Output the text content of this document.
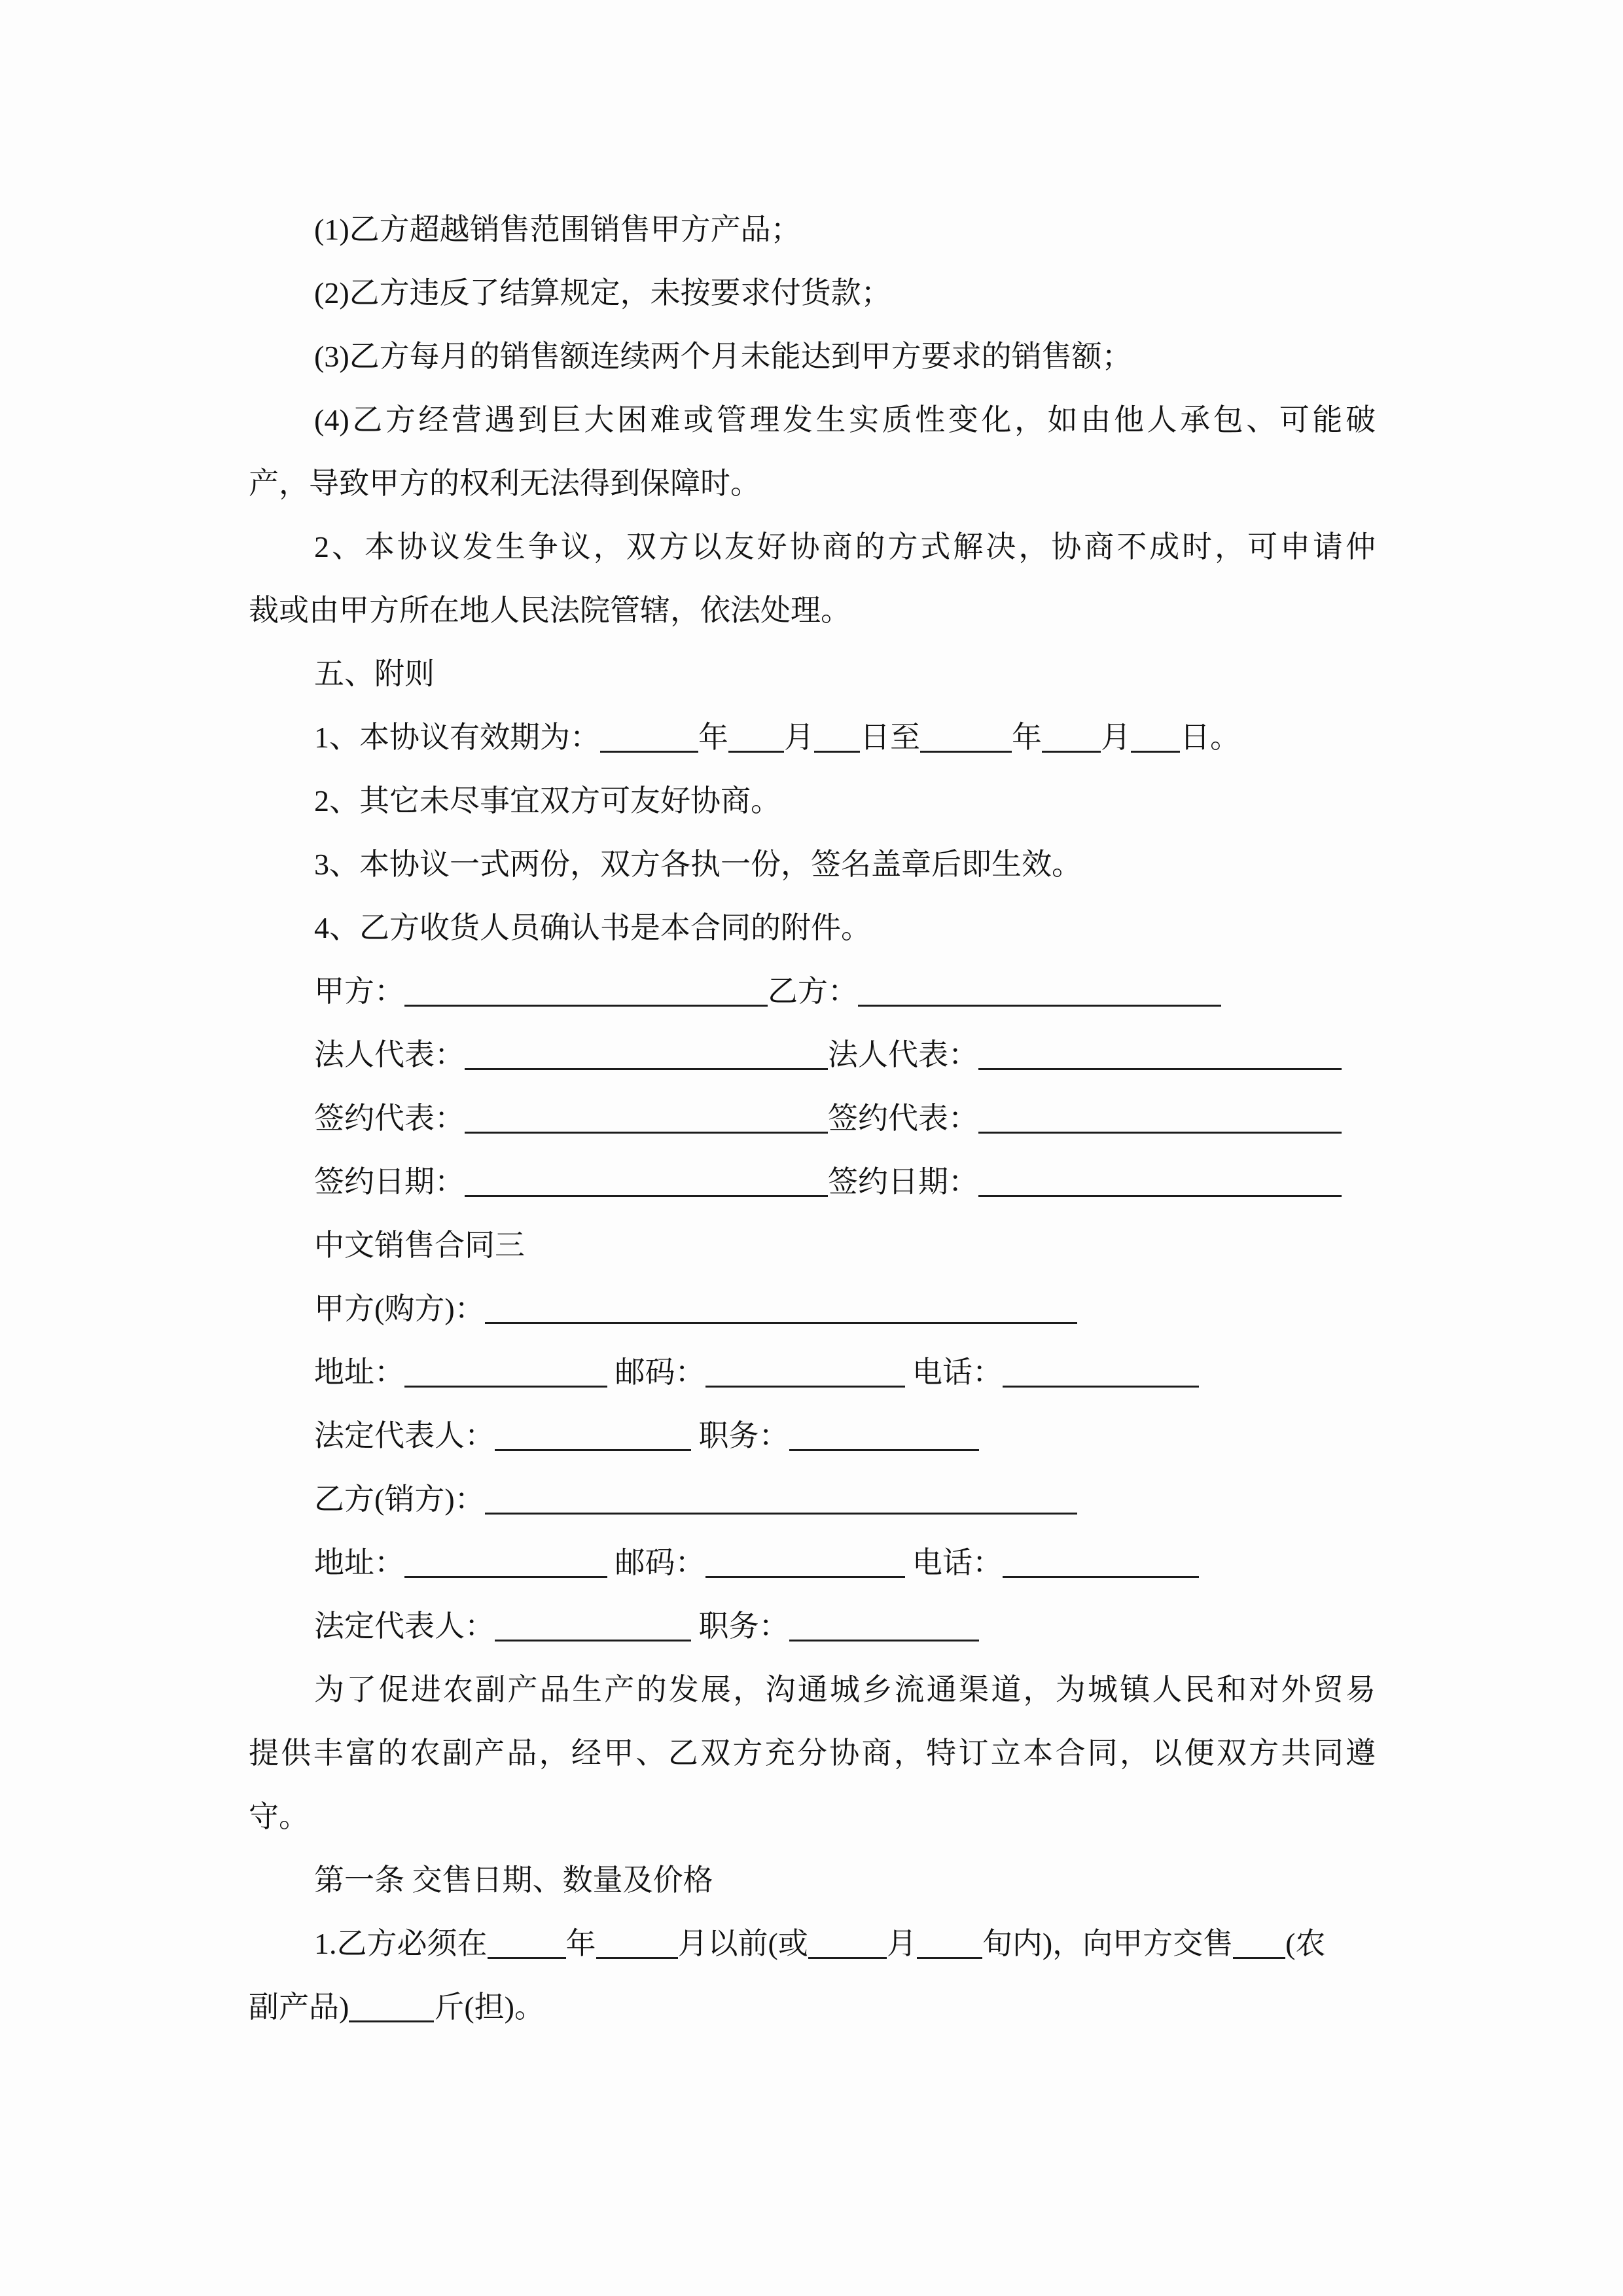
(1)乙方超越销售范围销售甲方产品；
(2)乙方违反了结算规定，未按要求付货款；
(3)乙方每月的销售额连续两个月未能达到甲方要求的销售额；
(4)乙方经营遇到巨大困难或管理发生实质性变化，如由他人承包、可能破
产，导致甲方的权利无法得到保障时。
2、本协议发生争议，双方以友好协商的方式解决，协商不成时，可申请仲
裁或由甲方所在地人民法院管辖，依法处理。
五、附则
1、本协议有效期为：	年 月 日至	年 月 日。
2、其它未尽事宜双方可友好协商。
3、本协议一式两份，双方各执一份，签名盖章后即生效。
4、乙方收货人员确认书是本合同的附件。
甲方：	乙方：
法人代表：	法人代表：
签约代表：	签约代表：
签约日期：	签约日期：
中文销售合同三
甲方(购方)：
地址：	邮码：	电话：
法定代表人：	职务：
乙方(销方)：
地址：	邮码：	电话：
法定代表人：	职务：
为了促进农副产品生产的发展，沟通城乡流通渠道，为城镇人民和对外贸易
提供丰富的农副产品，经甲、乙双方充分协商，特订立本合同，以便双方共同遵
守。
第一条 交售日期、数量及价格
1.乙方必须在	年	月以前(或	月 旬内)，向甲方交售 (农
副产品)	斤(担)。
